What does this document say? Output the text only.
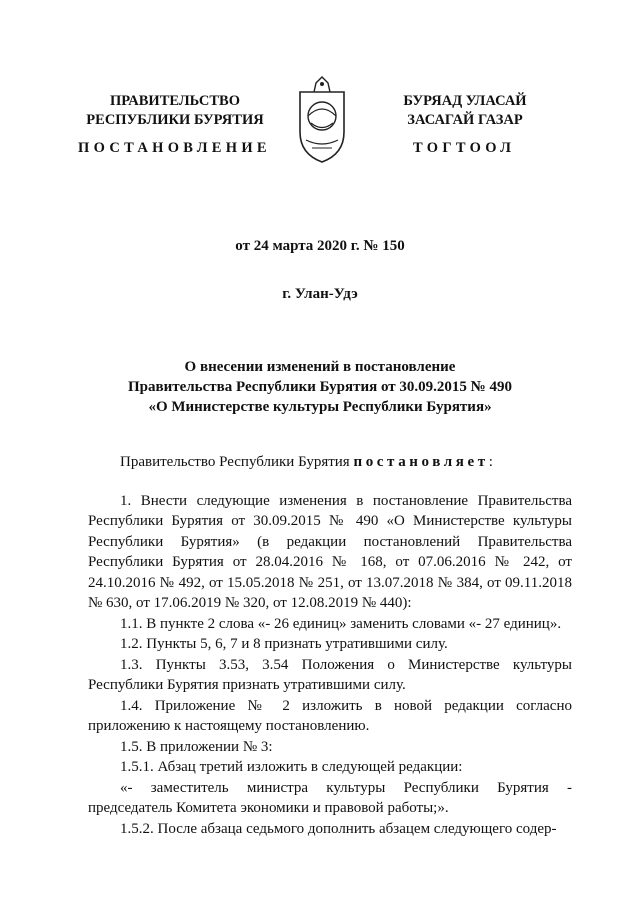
ПРАВИТЕЛЬСТВО
РЕСПУБЛИКИ БУРЯТИЯ
БУРЯАД УЛАСАЙ
ЗАСАГАЙ ГАЗАР
ПОСТАНОВЛЕНИЕ	ТОГТООЛ
от 24 марта 2020 г. № 150
г. Улан-Удэ
О внесении изменений в постановление
Правительства Республики Бурятия от 30.09.2015 № 490
«О Министерстве культуры Республики Бурятия»

Правительство Республики Бурятия постановляет:

1. Внести следующие изменения в постановление Правительства Республики Бурятия от 30.09.2015 № 490 «О Министерстве культуры Республики Бурятия» (в редакции постановлений Правительства Республики Бурятия от 28.04.2016 № 168, от 07.06.2016 № 242, от 24.10.2016 № 492, от 15.05.2018 № 251, от 13.07.2018 № 384, от 09.11.2018 № 630, от 17.06.2019 № 320, от 12.08.2019 № 440):

1.1. В пункте 2 слова «- 26 единиц» заменить словами «- 27 единиц».

1.2. Пункты 5, 6, 7 и 8 признать утратившими силу.

1.3. Пункты 3.53, 3.54 Положения о Министерстве культуры Республики Бурятия признать утратившими силу.

1.4. Приложение № 2 изложить в новой редакции согласно приложению к настоящему постановлению.

1.5. В приложении № 3:

1.5.1. Абзац третий изложить в следующей редакции:

«- заместитель министра культуры Республики Бурятия - председатель Комитета экономики и правовой работы;».

1.5.2. После абзаца седьмого дополнить абзацем следующего содер-
